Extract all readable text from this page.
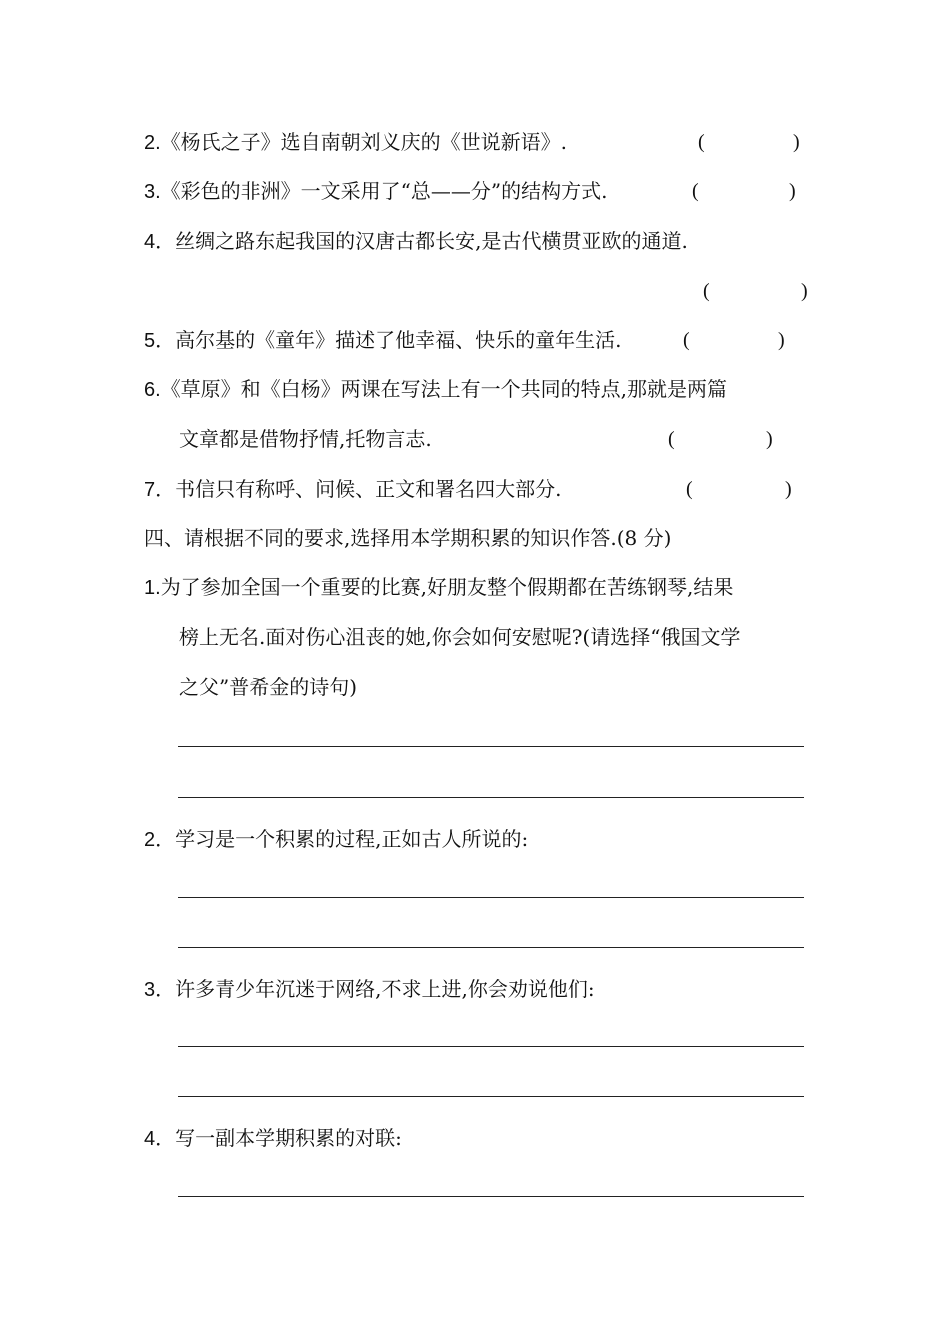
2.《杨氏之子》选自南朝刘义庆的《世说新语》.	(	)
3.《彩色的非洲》一文采用了“总——分”的结构方式.	(	)
4．丝绸之路东起我国的汉唐古都长安,是古代横贯亚欧的通道.
(	)
5．高尔基的《童年》描述了他幸福、快乐的童年生活.	(	)
6.《草原》和《白杨》两课在写法上有一个共同的特点,那就是两篇
文章都是借物抒情,托物言志.	(	)
7．书信只有称呼、问候、正文和署名四大部分.	(	)
四、请根据不同的要求,选择用本学期积累的知识作答.(8 分)
1.为了参加全国一个重要的比赛,好朋友整个假期都在苦练钢琴,结果
榜上无名.面对伤心沮丧的她,你会如何安慰呢?(请选择“俄国文学
之父”普希金的诗句)
2．学习是一个积累的过程,正如古人所说的:
3．许多青少年沉迷于网络,不求上进,你会劝说他们:
4．写一副本学期积累的对联:
